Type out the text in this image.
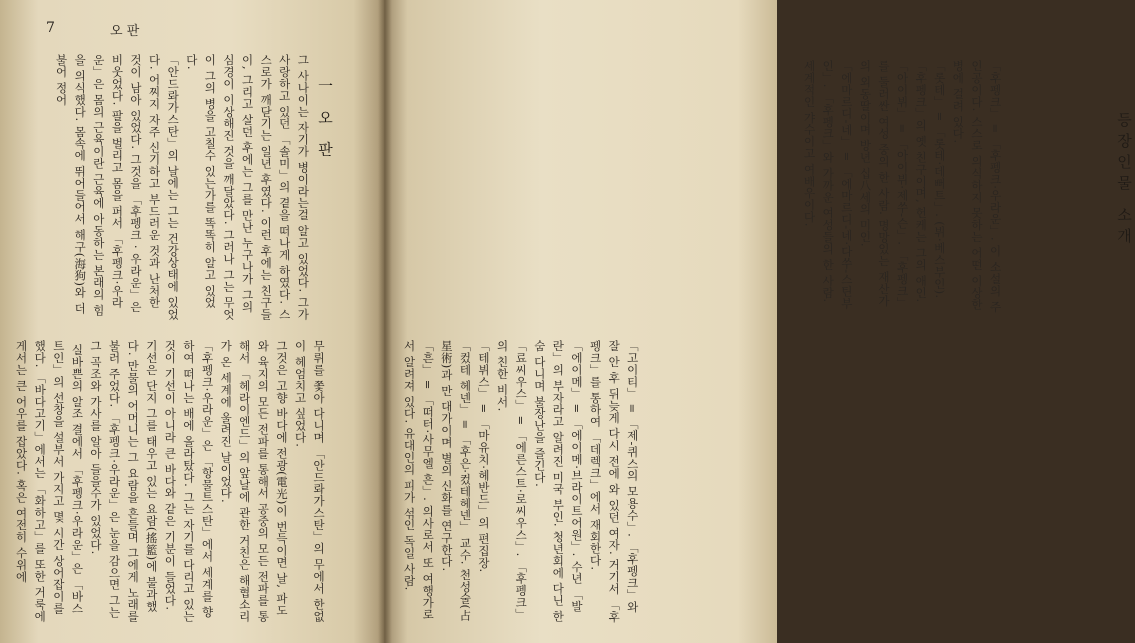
7	오 판
一 오 판
그 사나이는 자기가 병이라는걸 알고 있었다. 그가 사랑하고 있던 「솔미」의 곁을 떠나게 하였다. 스스로가 깨닫기는 일년 후였다. 이런 후에는 친구들이, 그리고 살던 후에는 그를 만난 누구나가 그의 심경이 이상해진 것을 깨달았다. 그러나 그는 무엇이 그의 병을 고칠수 있는가를 똑똑히 알고 있었다.
「안드롸가스탄」의 날에는 그는 건강상태에 있었다. 어찌지 자주 신기하고 부드러운 것과 난처한 것이 남아 있었다. 그것을 「후펭크 · 우라운」은 비웃었다. 팔을 벌리고 몸을 퍼서 「후펭크·우라운」은 몸의 근육이란 근육에 아동하는 본래의 힘을 의식했다. 몸속에 뛰어들어서 해구(海狗)와 더불어 정어
무뤼를 쫓아 다니며 「안드롸가스탄」의 무에서 한없이 헤엄치고 싶었다.
그것은 고향 바다에 전광(電光)이 번득이면 날, 파도와 육지의 모든 전파를 통해서 공중의 모든 전파를 통해서 「헤라이엔드」의 앞날에 관한 거친은 해협소리가 온 세계에 울려진 날이었다.
「후펭크·우라운」은 「항물트스탄」에서 세계를 향하여 떠나는 배에 올라탔다. 그는 자기를 다리고 있는 것이 기선이 아니라 큰 바다와 같은 기분이 들었다. 기선은 단지 그를 태우고 있는 요람(搖籃)에 불과했다. 만물의 어머니는 그 요람을 흔들며 그에게 노래를 불러 주었다. 「후펭크·우라운」은 눈을 감으면 그는 그 곡조와 가사를 알아 들을수가 있었다.
실바쁜의 알조 결에서 「후펭크·우라운」은 「바스트인」의 선창을 설부서 가지고 몇 시간 상어잡이를 했다. 「바다고기」에서는 「화하고」를 또한 거룩에게서는 큰 어우를 잡았다. 혹은 여전히 수위에
등장인물 소개
「후펭크」 = 「후펭크·우라운」. 이 소설의 주인공이다. 스스로 의식하지 못하는 어떤 이상한 병에 걸려 있다.
「롯테」 = 「롯테·데뻐트」. (뷔·베스부인). 「후펭크」의 옛 친구이며, 헌케는 그의 애인.
「아이뷔」 = 「아이뷔·제쑤-슨」. 「후펭크」를 둘러싼 여성 중의 한 사람. 명망있는 재산가의 외동딸이며 방년 십八세의 미인.
「에마르디-네」 = 「에마르디-네·다쑤-스틴부인」. 「후펭크」와 가까운 여성들의 한 사람. 세계적인 갸수이고 여배우이다.
「고이티」 = 「제-퀴스의 모용수」. 「후펭크」와 잘 안 후 뒤늦게 다시 전에 와 있던 여자. 거기서 「후펭크」를 통하여 「데렉크」에서 재회한다.
「에이메」 = 「에이메·브라이트어원」. 수년 「발란」의 부자라고 알려진 미국 부인. 청년회에 다닌 한숨 다니며 불장난을 즐긴다.
「료씨우스」 = 「에른스트·로씨우스」. 「후펭크」의 친한 비서.
「테뷔스」 = 「마유치·헤반드」의 편집장.
「컸테 헤넨」 = 「후은·컸테헤넨」 교수. 천성술(占星術)과 만 대가이며 별의 신화를 연구한다.
「흔」 = 「떠터·사무엘 흔」. 의사로서 또 여행가로서 알려져 있다. 유대인의 피가 섞인 독일 사람.
